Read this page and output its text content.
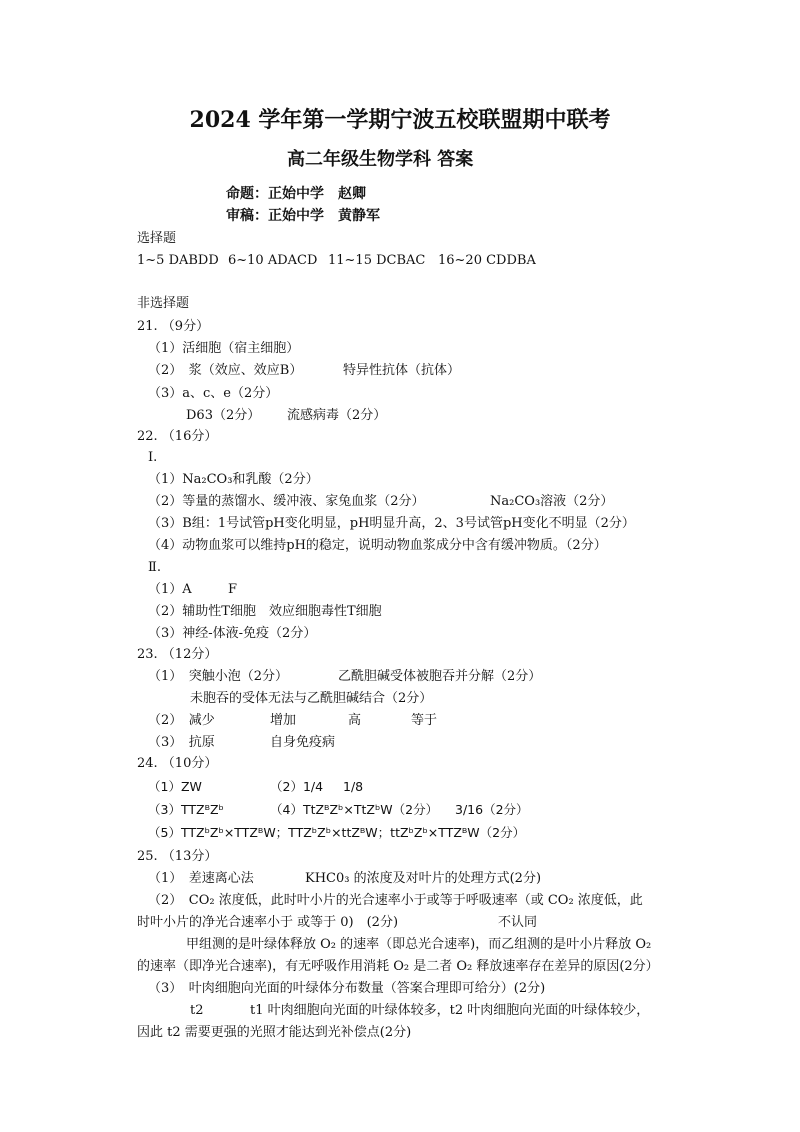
2024 学年第一学期宁波五校联盟期中联考
高二年级生物学科 答案
命题：正始中学　赵卿
审稿：正始中学　黄静军
选择题
1~5 DABDD 6~10 ADACD 11~15 DCBAC 16~20 CDDBA
非选择题
21. （9分）
（1）活细胞（宿主细胞）
（2）　浆（效应、效应B）	特异性抗体（抗体）
（3）a、c、e（2分）
D63（2分） 流感病毒（2分）
22. （16分）
Ⅰ.
（1）Na₂CO₃和乳酸（2分）
（2）等量的蒸馏水、缓冲液、家兔血浆（2分）	Na₂CO₃溶液（2分）
（3）B组：1号试管pH变化明显，pH明显升高，2、3号试管pH变化不明显（2分）
（4）动物血浆可以维持pH的稳定，说明动物血浆成分中含有缓冲物质。（2分）
Ⅱ.
（1）A	F
（2）辅助性T细胞　效应细胞毒性T细胞
（3）神经-体液-免疫（2分）
23. （12分）
（1）　突触小泡（2分）	乙酰胆碱受体被胞吞并分解（2分）
未胞吞的受体无法与乙酰胆碱结合（2分）
（2）　减少	增加	高	等于
（3）　抗原	自身免疫病
24. （10分）
（1）ZW	（2）1/4 1/8
（3）TTZᴮZᵇ	（4）TtZᴮZᵇ×TtZᵇW（2分） 3/16（2分）
（5）TTZᵇZᵇ×TTZᴮW；TTZᵇZᵇ×ttZᴮW；ttZᵇZᵇ×TTZᴮW（2分）
25. （13分）
（1）　差速离心法	KHC0₃ 的浓度及对叶片的处理方式(2分)
（2）　CO₂ 浓度低，此时叶小片的光合速率小于或等于呼吸速率（或 CO₂ 浓度低，此
时叶小片的净光合速率小于 或等于 0)　(2分)	不认同
甲组测的是叶绿体释放 O₂ 的速率（即总光合速率)，而乙组测的是叶小片释放 O₂
的速率（即净光合速率)，有无呼吸作用消耗 O₂ 是二者 O₂ 释放速率存在差异的原因(2分）
（3）　叶肉细胞向光面的叶绿体分布数量（答案合理即可给分）(2分)
t2	t1 叶肉细胞向光面的叶绿体较多，t2 叶肉细胞向光面的叶绿体较少，
因此 t2 需要更强的光照才能达到光补偿点(2分)
